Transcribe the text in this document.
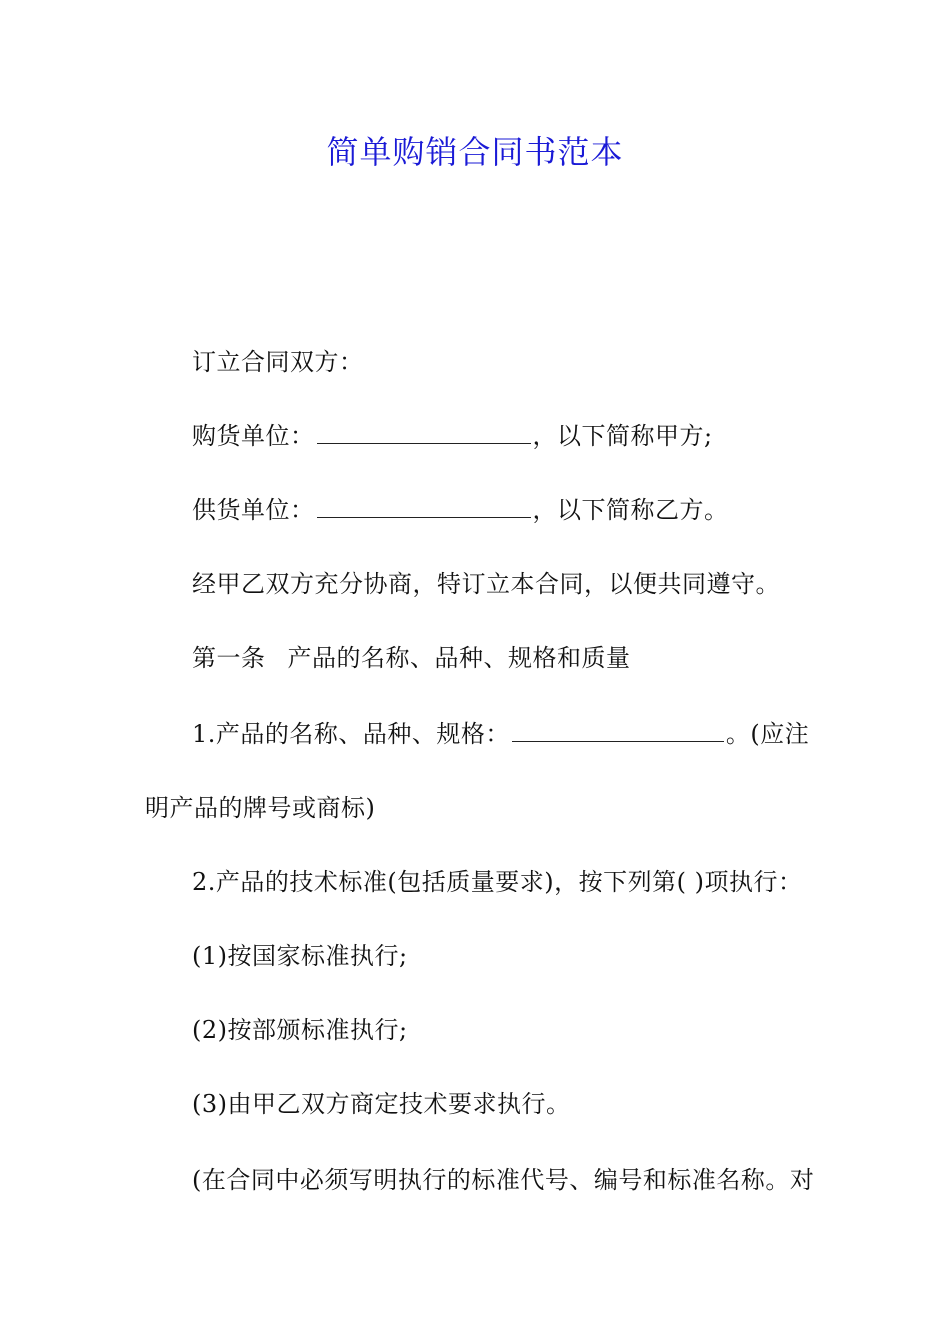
简单购销合同书范本

订立合同双方：

购货单位：	，以下简称甲方;

供货单位：	，以下简称乙方。

经甲乙双方充分协商，特订立本合同，以便共同遵守。

第一条 产品的名称、品种、规格和质量

1.产品的名称、品种、规格：	。(应注

明产品的牌号或商标)

2.产品的技术标准(包括质量要求)，按下列第( )项执行：

(1)按国家标准执行;

(2)按部颁标准执行;

(3)由甲乙双方商定技术要求执行。

(在合同中必须写明执行的标准代号、编号和标准名称。对
